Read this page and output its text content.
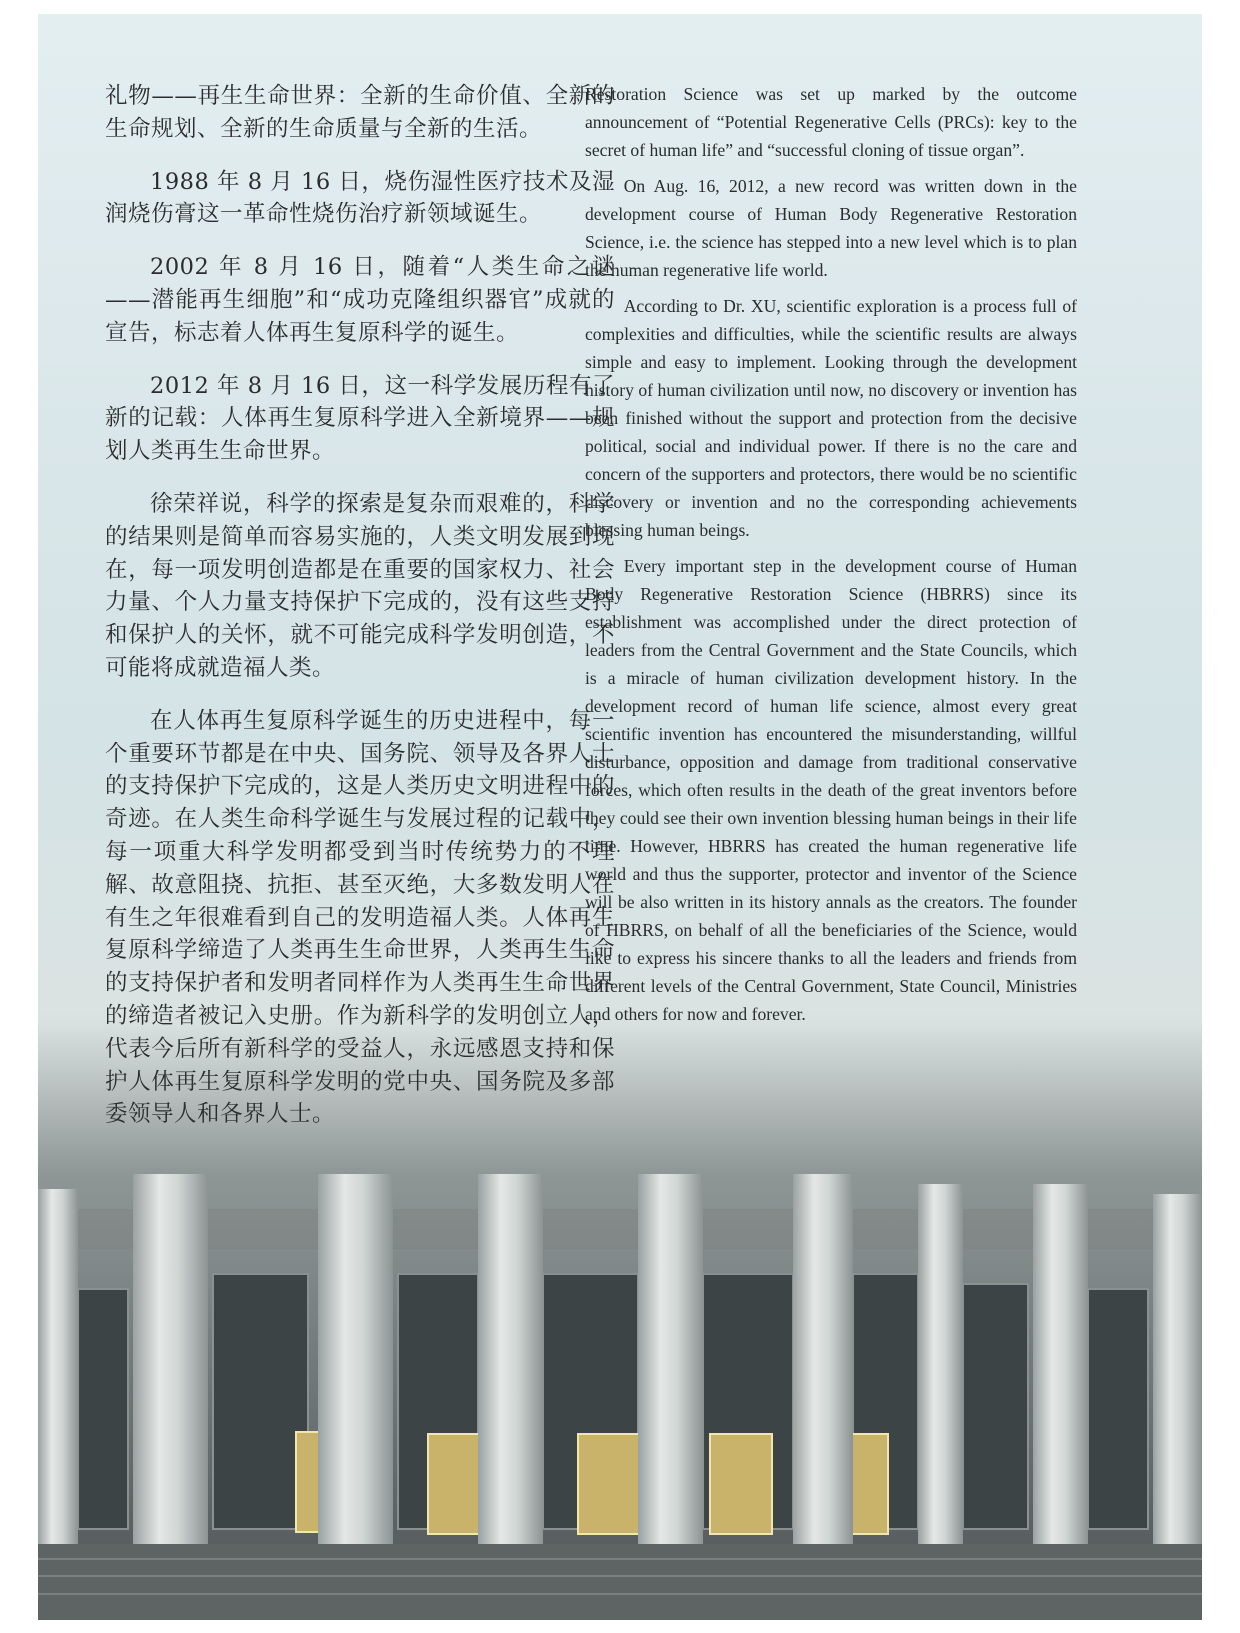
礼物——再生生命世界：全新的生命价值、全新的生命规划、全新的生命质量与全新的生活。

1988 年 8 月 16 日，烧伤湿性医疗技术及湿润烧伤膏这一革命性烧伤治疗新领域诞生。

2002 年 8 月 16 日，随着“人类生命之谜——潜能再生细胞”和“成功克隆组织器官”成就的宣告，标志着人体再生复原科学的诞生。

2012 年 8 月 16 日，这一科学发展历程有了新的记载：人体再生复原科学进入全新境界——规划人类再生生命世界。

徐荣祥说，科学的探索是复杂而艰难的，科学的结果则是简单而容易实施的，人类文明发展到现在，每一项发明创造都是在重要的国家权力、社会力量、个人力量支持保护下完成的，没有这些支持和保护人的关怀，就不可能完成科学发明创造，不可能将成就造福人类。

在人体再生复原科学诞生的历史进程中，每一个重要环节都是在中央、国务院、领导及各界人士的支持保护下完成的，这是人类历史文明进程中的奇迹。在人类生命科学诞生与发展过程的记载中，每一项重大科学发明都受到当时传统势力的不理解、故意阻挠、抗拒、甚至灭绝，大多数发明人在有生之年很难看到自己的发明造福人类。人体再生复原科学缔造了人类再生生命世界，人类再生生命的支持保护者和发明者同样作为人类再生生命世界的缔造者被记入史册。作为新科学的发明创立人，代表今后所有新科学的受益人，永远感恩支持和保护人体再生复原科学发明的党中央、国务院及多部委领导人和各界人士。

Restoration Science was set up marked by the outcome announcement of “Potential Regenerative Cells (PRCs): key to the secret of human life” and “successful cloning of tissue organ”.

On Aug. 16, 2012, a new record was written down in the development course of Human Body Regenerative Restoration Science, i.e. the science has stepped into a new level which is to plan the human regenerative life world.

According to Dr. XU, scientific exploration is a process full of complexities and difficulties, while the scientific results are always simple and easy to implement. Looking through the development history of human civilization until now, no discovery or invention has been finished without the support and protection from the decisive political, social and individual power. If there is no the care and concern of the supporters and protectors, there would be no scientific discovery or invention and no the corresponding achievements blessing human beings.

Every important step in the development course of Human Body Regenerative Restoration Science (HBRRS) since its establishment was accomplished under the direct protection of leaders from the Central Government and the State Councils, which is a miracle of human civilization development history. In the development record of human life science, almost every great scientific invention has encountered the misunderstanding, willful disturbance, opposition and damage from traditional conservative forces, which often results in the death of the great inventors before they could see their own invention blessing human beings in their life time. However, HBRRS has created the human regenerative life world and thus the supporter, protector and inventor of the Science will be also written in its history annals as the creators. The founder of HBRRS, on behalf of all the beneficiaries of the Science, would like to express his sincere thanks to all the leaders and friends from different levels of the Central Government, State Council, Ministries and others for now and forever.
